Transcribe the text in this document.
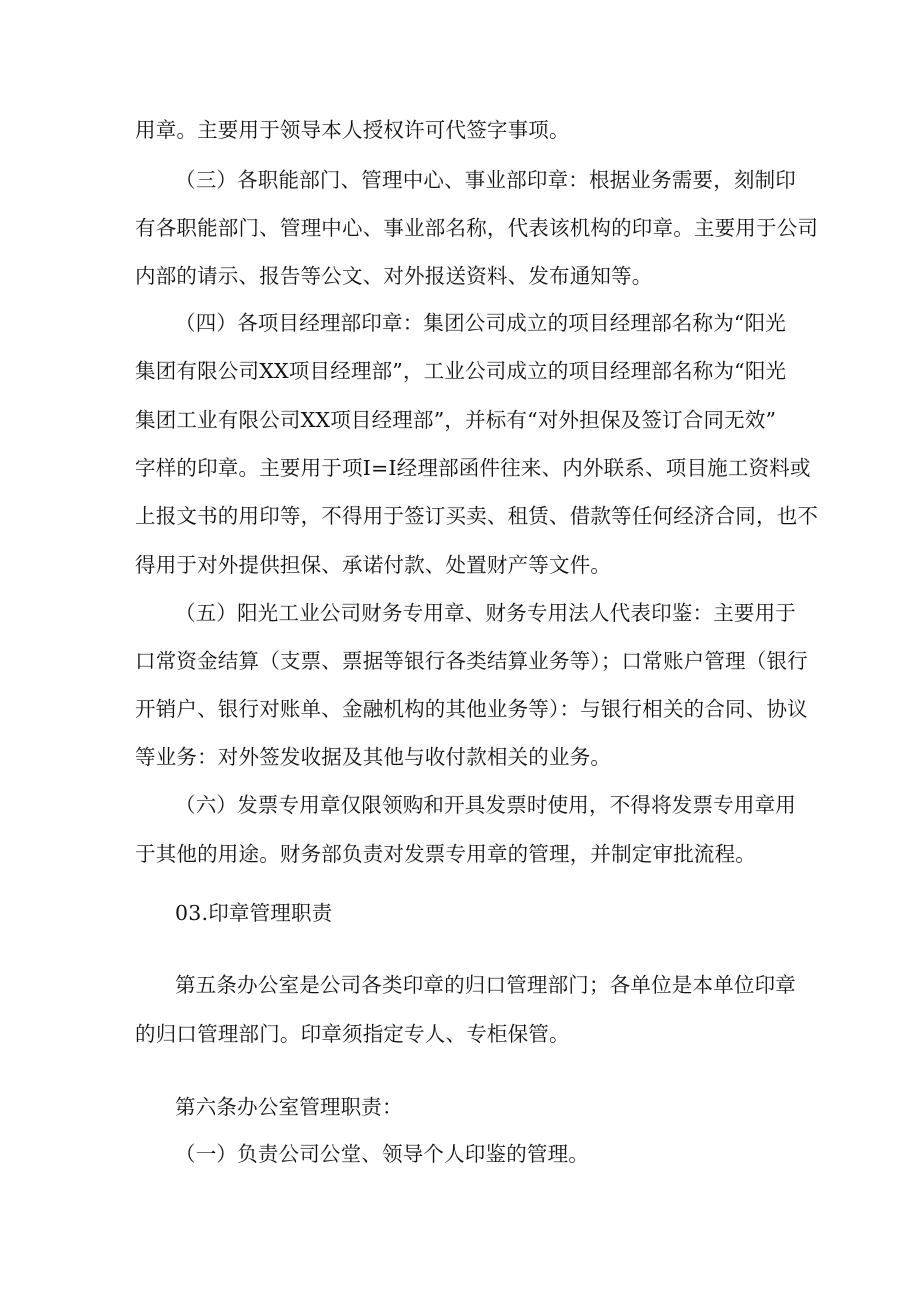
用章。主要用于领导本人授权许可代签字事项。
（三）各职能部门、管理中心、事业部印章：根据业务需要，刻制印
有各职能部门、管理中心、事业部名称，代表该机构的印章。主要用于公司
内部的请示、报告等公文、对外报送资料、发布通知等。
（四）各项目经理部印章：集团公司成立的项目经理部名称为“阳光
集团有限公司XX项目经理部”，工业公司成立的项目经理部名称为“阳光
集团工业有限公司XX项目经理部”，并标有“对外担保及签订合同无效”
字样的印章。主要用于项I=I经理部函件往来、内外联系、项目施工资料或
上报文书的用印等，不得用于签订买卖、租赁、借款等任何经济合同，也不
得用于对外提供担保、承诺付款、处置财产等文件。
（五）阳光工业公司财务专用章、财务专用法人代表印鉴：主要用于
口常资金结算（支票、票据等银行各类结算业务等）；口常账户管理（银行
开销户、银行对账单、金融机构的其他业务等）：与银行相关的合同、协议
等业务：对外签发收据及其他与收付款相关的业务。
（六）发票专用章仅限领购和开具发票时使用，不得将发票专用章用
于其他的用途。财务部负责对发票专用章的管理，并制定审批流程。
03.印章管理职责
第五条办公室是公司各类印章的归口管理部门；各单位是本单位印章
的归口管理部门。印章须指定专人、专柜保管。
第六条办公室管理职责：
（一）负责公司公堂、领导个人印鉴的管理。
